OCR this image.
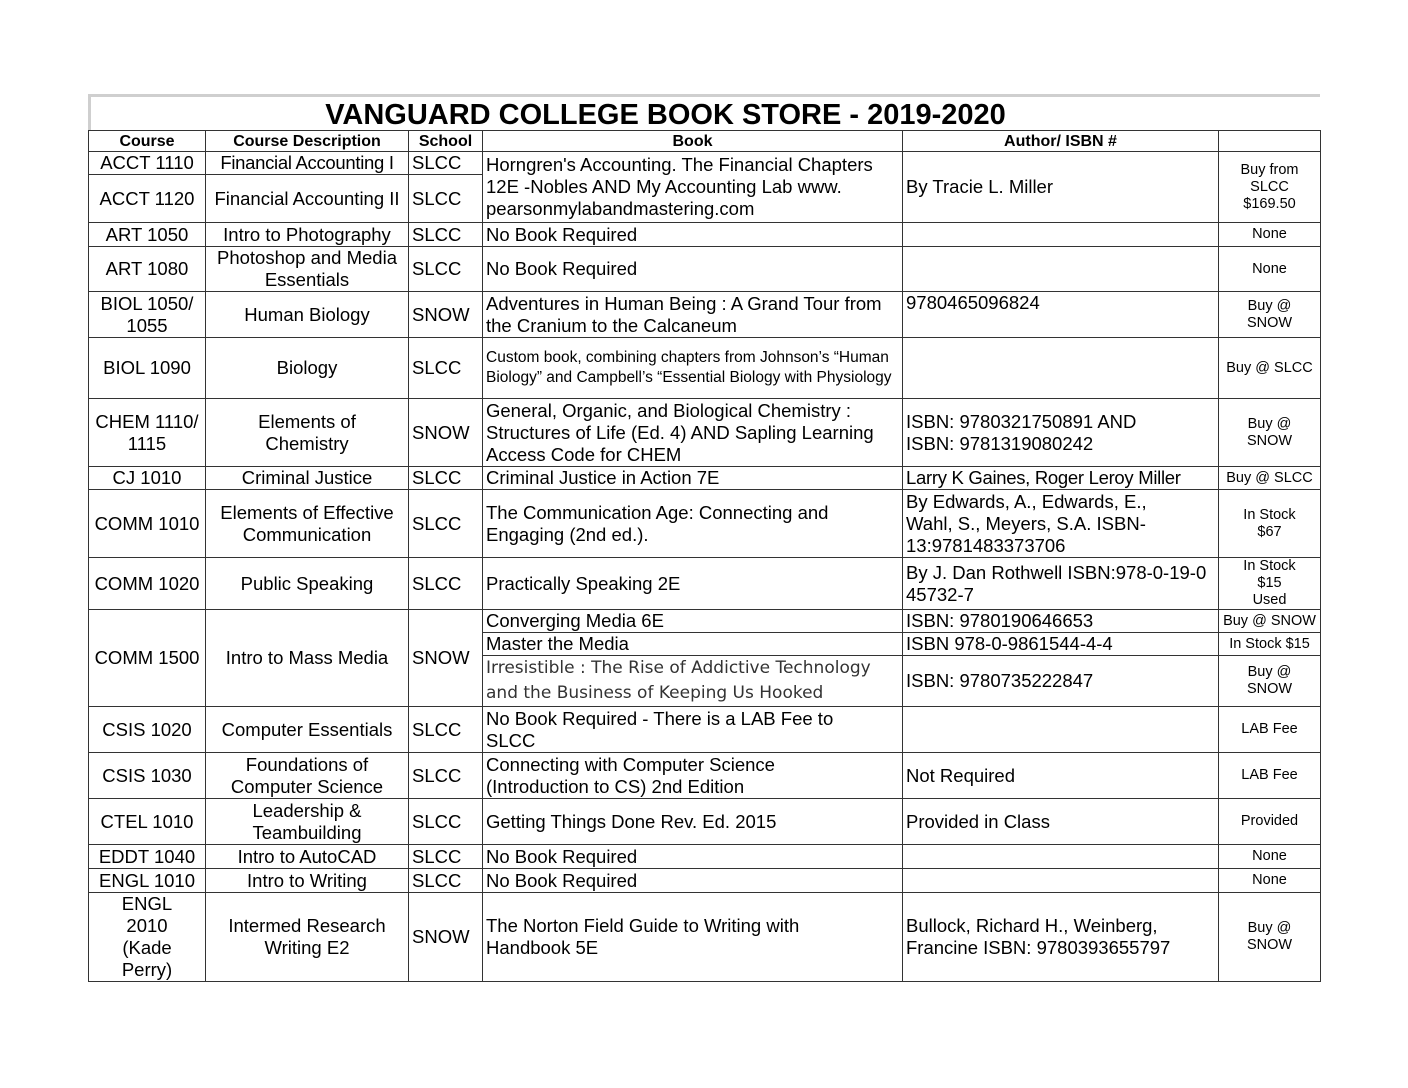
VANGUARD COLLEGE BOOK STORE - 2019-2020
Course	Course Description	School	Book	Author/ ISBN #	
ACCT 1110	Financial Accounting I	SLCC	Horngren's Accounting. The Financial Chapters 12E -Nobles AND My Accounting Lab www. pearsonmylabandmastering.com	By Tracie L. Miller	Buy from SLCC $169.50
ACCT 1120	Financial Accounting II	SLCC			
ART 1050	Intro to Photography	SLCC	No Book Required		None
ART 1080	Photoshop and Media Essentials	SLCC	No Book Required		None
BIOL 1050/ 1055	Human Biology	SNOW	Adventures in Human Being : A Grand Tour from the Cranium to the Calcaneum	9780465096824	Buy @ SNOW
BIOL 1090	Biology	SLCC	Custom book, combining chapters from Johnson’s “Human Biology” and Campbell’s “Essential Biology with Physiology		Buy @ SLCC
CHEM 1110/ 1115	Elements of Chemistry	SNOW	General, Organic, and Biological Chemistry : Structures of Life (Ed. 4) AND Sapling Learning Access Code for CHEM	ISBN: 9780321750891 AND ISBN: 9781319080242	Buy @ SNOW
CJ 1010	Criminal Justice	SLCC	Criminal Justice in Action 7E	Larry K Gaines, Roger Leroy Miller	Buy @ SLCC
COMM 1010	Elements of Effective Communication	SLCC	The Communication Age: Connecting and Engaging (2nd ed.).	By Edwards, A., Edwards, E., Wahl, S., Meyers, S.A. ISBN-13:9781483373706	In Stock $67
COMM 1020	Public Speaking	SLCC	Practically Speaking 2E	By J. Dan Rothwell ISBN:978-0-19-045732-7	In Stock $15 Used
COMM 1500	Intro to Mass Media	SNOW	Converging Media 6E	ISBN: 9780190646653	Buy @ SNOW
			Master the Media	ISBN 978-0-9861544-4-4	In Stock $15
			Irresistible : The Rise of Addictive Technology and the Business of Keeping Us Hooked	ISBN: 9780735222847	Buy @ SNOW
CSIS 1020	Computer Essentials	SLCC	No Book Required - There is a LAB Fee to SLCC		LAB Fee
CSIS 1030	Foundations of Computer Science	SLCC	Connecting with Computer Science (Introduction to CS) 2nd Edition	Not Required	LAB Fee
CTEL 1010	Leadership & Teambuilding	SLCC	Getting Things Done Rev. Ed. 2015	Provided in Class	Provided
EDDT 1040	Intro to AutoCAD	SLCC	No Book Required		None
ENGL 1010	Intro to Writing	SLCC	No Book Required		None
ENGL 2010 (Kade Perry)	Intermed Research Writing E2	SNOW	The Norton Field Guide to Writing with Handbook 5E	Bullock, Richard H., Weinberg, Francine ISBN: 9780393655797	Buy @ SNOW
